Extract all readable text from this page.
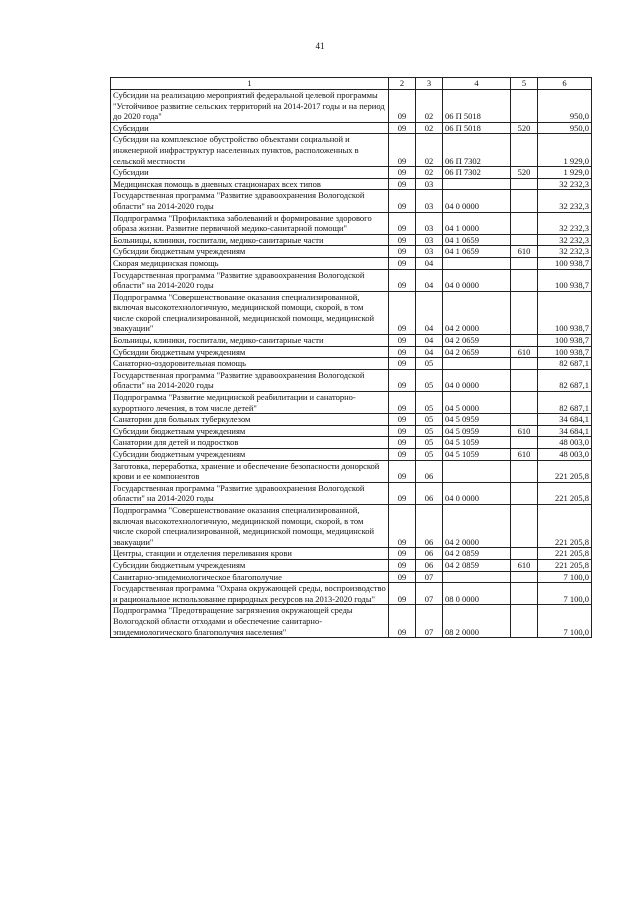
41
1	2	3	4	5	6
Субсидии на реализацию мероприятий федеральной целевой программы "Устойчивое развитие сельских территорий на 2014-2017 годы и на период до 2020 года"	09	02	06 П 5018		950,0
Субсидии	09	02	06 П 5018	520	950,0
Субсидии на комплексное обустройство объектами социальной и инженерной инфраструктур населенных пунктов, расположенных в сельской местности	09	02	06 П 7302		1 929,0
Субсидии	09	02	06 П 7302	520	1 929,0
Медицинская помощь в дневных стационарах всех типов	09	03			32 232,3
Государственная программа "Развитие здравоохранения Вологодской области" на 2014-2020 годы	09	03	04 0 0000		32 232,3
Подпрограмма "Профилактика заболеваний и формирование здорового образа жизни. Развитие первичной медико-санитарной помощи"	09	03	04 1 0000		32 232,3
Больницы, клиники, госпитали, медико-санитарные части	09	03	04 1 0659		32 232,3
Субсидии бюджетным учреждениям	09	03	04 1 0659	610	32 232,3
Скорая медицинская помощь	09	04			100 938,7
Государственная программа "Развитие здравоохранения Вологодской области" на 2014-2020 годы	09	04	04 0 0000		100 938,7
Подпрограмма "Совершенствование оказания специализированной, включая высокотехнологичную, медицинской помощи, скорой, в том числе скорой специализированной, медицинской помощи, медицинской эвакуации"	09	04	04 2 0000		100 938,7
Больницы, клиники, госпитали, медико-санитарные части	09	04	04 2 0659		100 938,7
Субсидии бюджетным учреждениям	09	04	04 2 0659	610	100 938,7
Санаторно-оздоровительная помощь	09	05			82 687,1
Государственная программа "Развитие здравоохранения Вологодской области" на 2014-2020 годы	09	05	04 0 0000		82 687,1
Подпрограмма "Развитие медицинской реабилитации и санаторно-курортного лечения, в том числе детей"	09	05	04 5 0000		82 687,1
Санатории для больных туберкулезом	09	05	04 5 0959		34 684,1
Субсидии бюджетным учреждениям	09	05	04 5 0959	610	34 684,1
Санатории для детей и подростков	09	05	04 5 1059		48 003,0
Субсидии бюджетным учреждениям	09	05	04 5 1059	610	48 003,0
Заготовка, переработка, хранение и обеспечение безопасности донорской крови и ее компонентов	09	06			221 205,8
Государственная программа "Развитие здравоохранения Вологодской области" на 2014-2020 годы	09	06	04 0 0000		221 205,8
Подпрограмма "Совершенствование оказания специализированной, включая высокотехнологичную, медицинской помощи, скорой, в том числе скорой специализированной, медицинской помощи, медицинской эвакуации"	09	06	04 2 0000		221 205,8
Центры, станции и отделения переливания крови	09	06	04 2 0859		221 205,8
Субсидии бюджетным учреждениям	09	06	04 2 0859	610	221 205,8
Санитарно-эпидемиологическое благополучие	09	07			7 100,0
Государственная программа "Охрана окружающей среды, воспроизводство и рациональное использование природных ресурсов на 2013-2020 годы"	09	07	08 0 0000		7 100,0
Подпрограмма "Предотвращение загрязнения окружающей среды Вологодской области отходами и обеспечение санитарно-эпидемиологического благополучия населения"	09	07	08 2 0000		7 100,0
